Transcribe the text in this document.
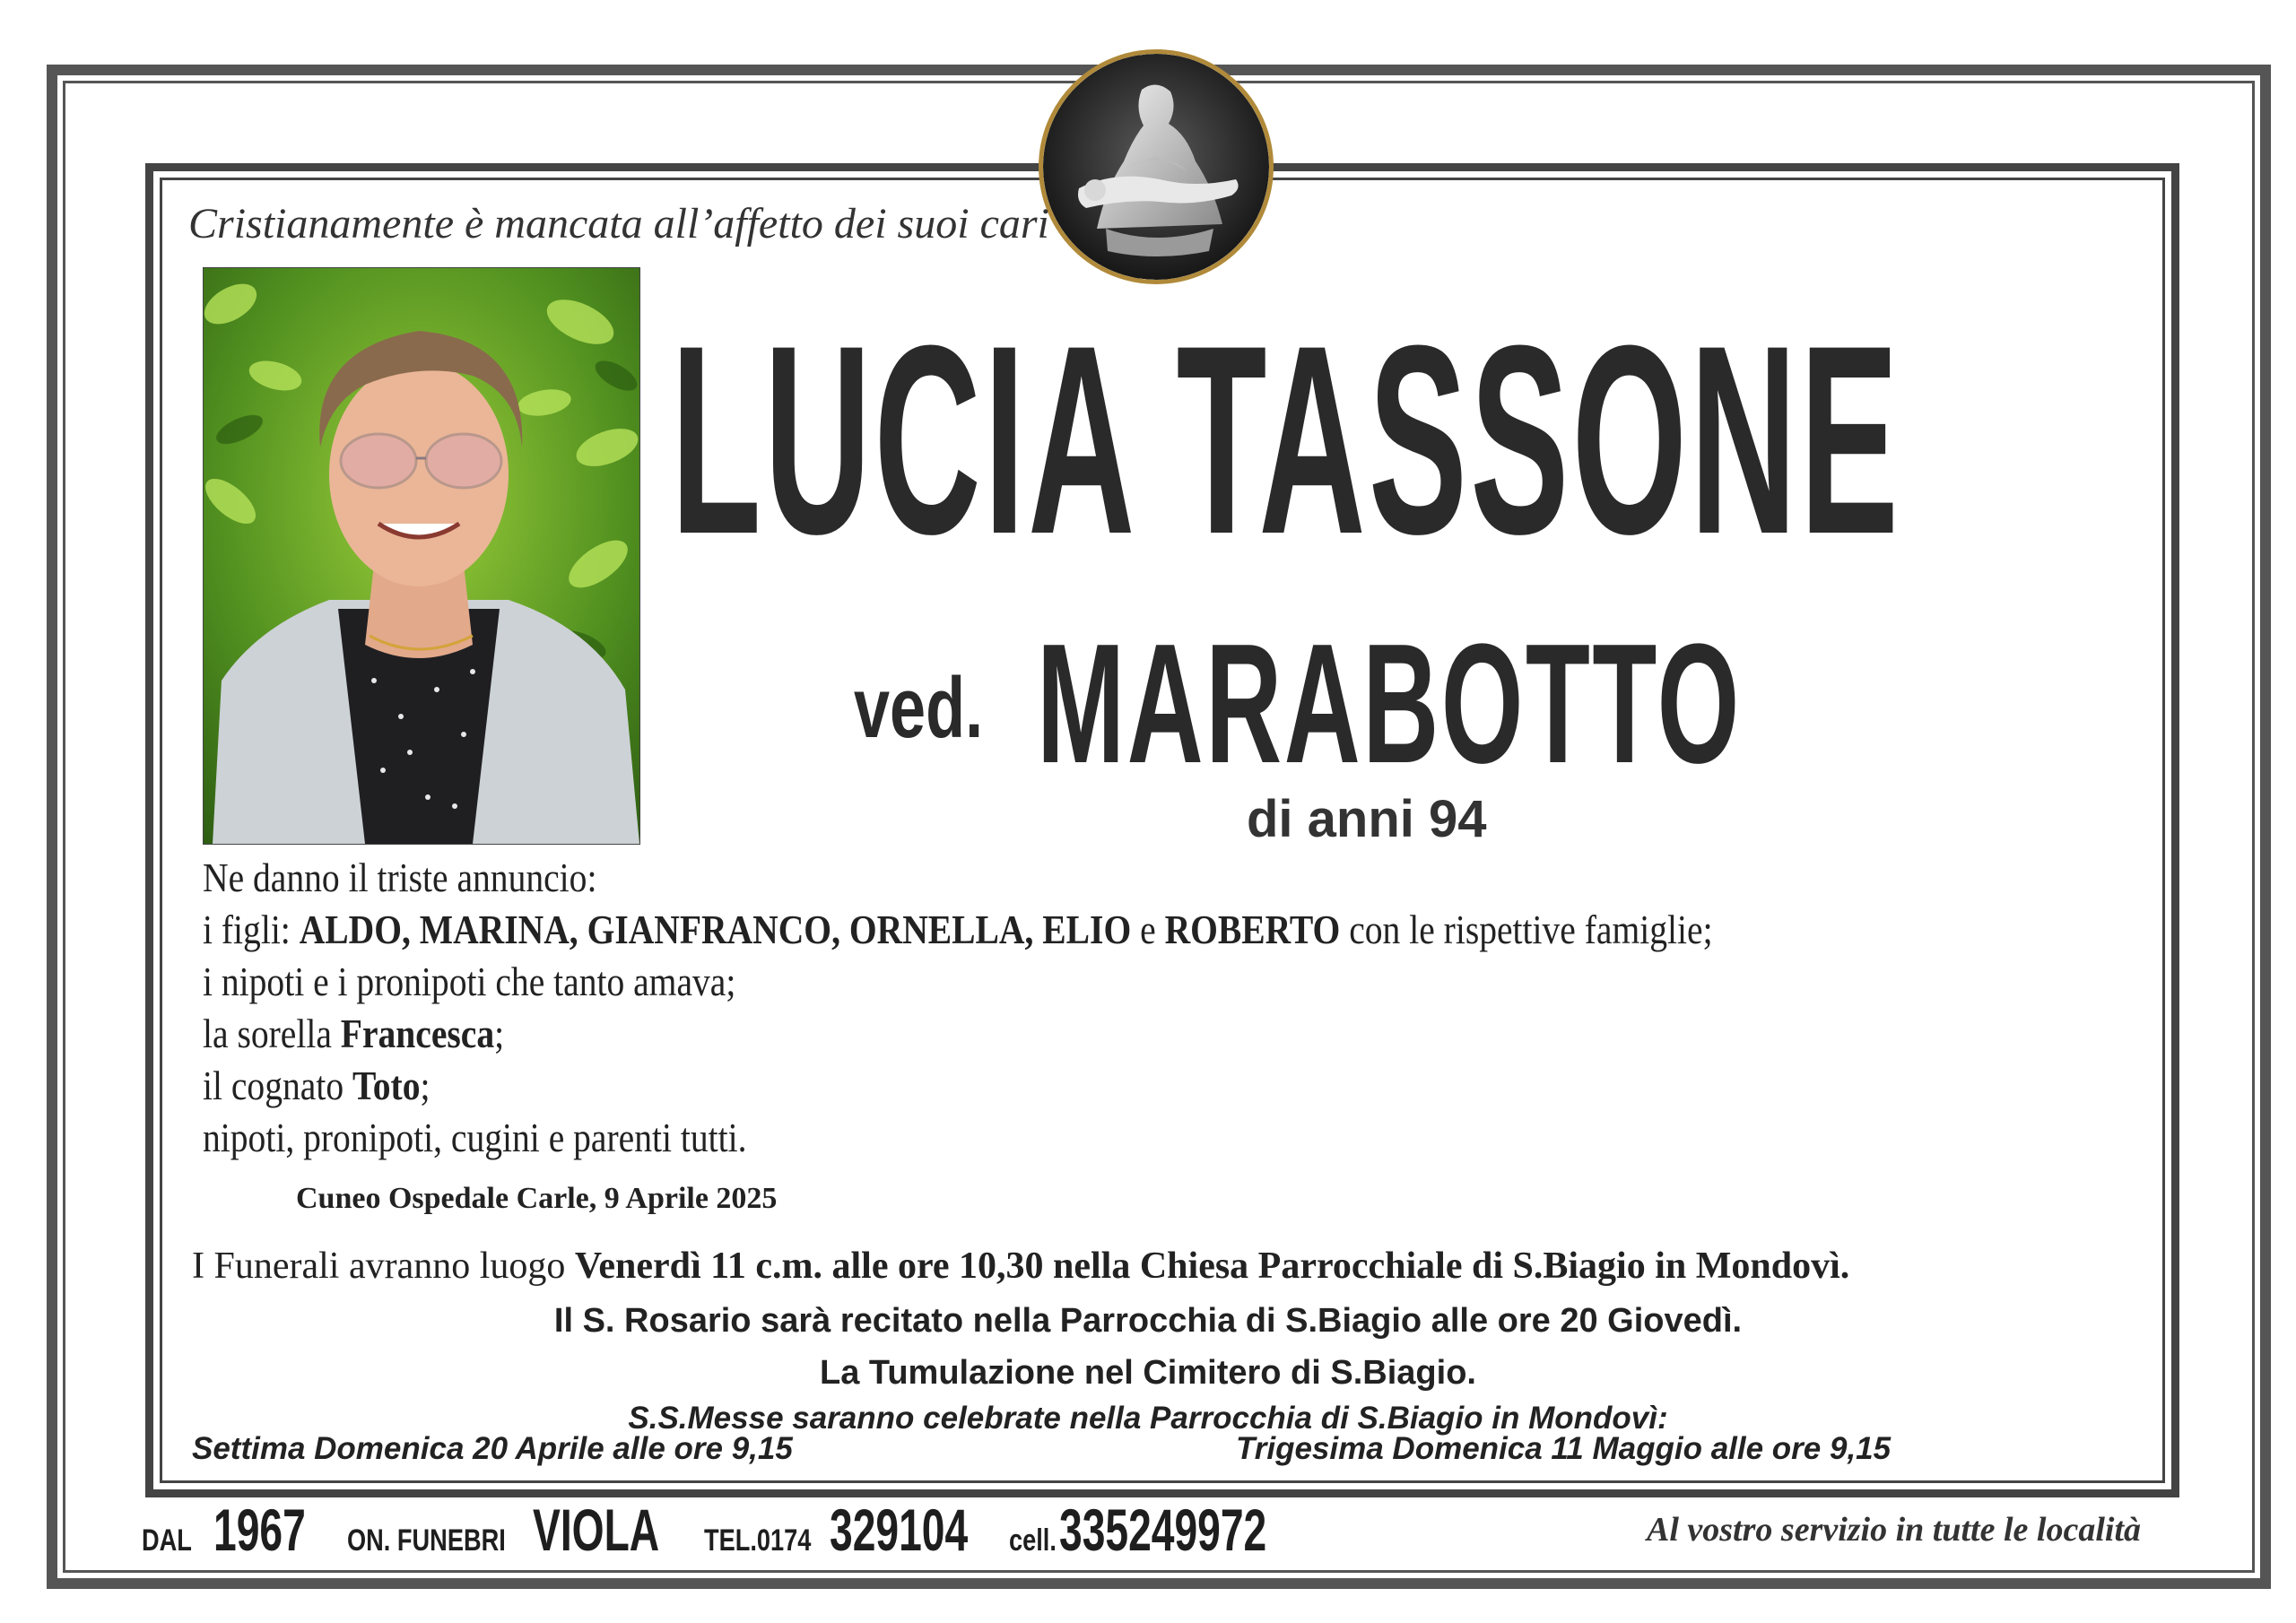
Cristianamente è mancata all’affetto dei suoi cari
LUCIA TASSONE
ved. MARABOTTO
di anni 94
Ne danno il triste annuncio:
i figli: ALDO, MARINA, GIANFRANCO, ORNELLA, ELIO e ROBERTO con le rispettive famiglie;
i nipoti e i pronipoti che tanto amava;
la sorella Francesca;
il cognato Toto;
nipoti, pronipoti, cugini e parenti tutti.
Cuneo Ospedale Carle, 9 Aprile 2025
I Funerali avranno luogo Venerdì 11 c.m. alle ore 10,30 nella Chiesa Parrocchiale di S.Biagio in Mondovì.
Il S. Rosario sarà recitato nella Parrocchia di S.Biagio alle ore 20 Giovedì.
La Tumulazione nel Cimitero di S.Biagio.
S.S.Messe saranno celebrate nella Parrocchia di S.Biagio in Mondovì:
Settima Domenica 20 Aprile alle ore 9,15	Trigesima Domenica 11 Maggio alle ore 9,15
DAL 1967 ON. FUNEBRI VIOLA TEL.0174 329104 cell. 335249972	Al vostro servizio in tutte le località
